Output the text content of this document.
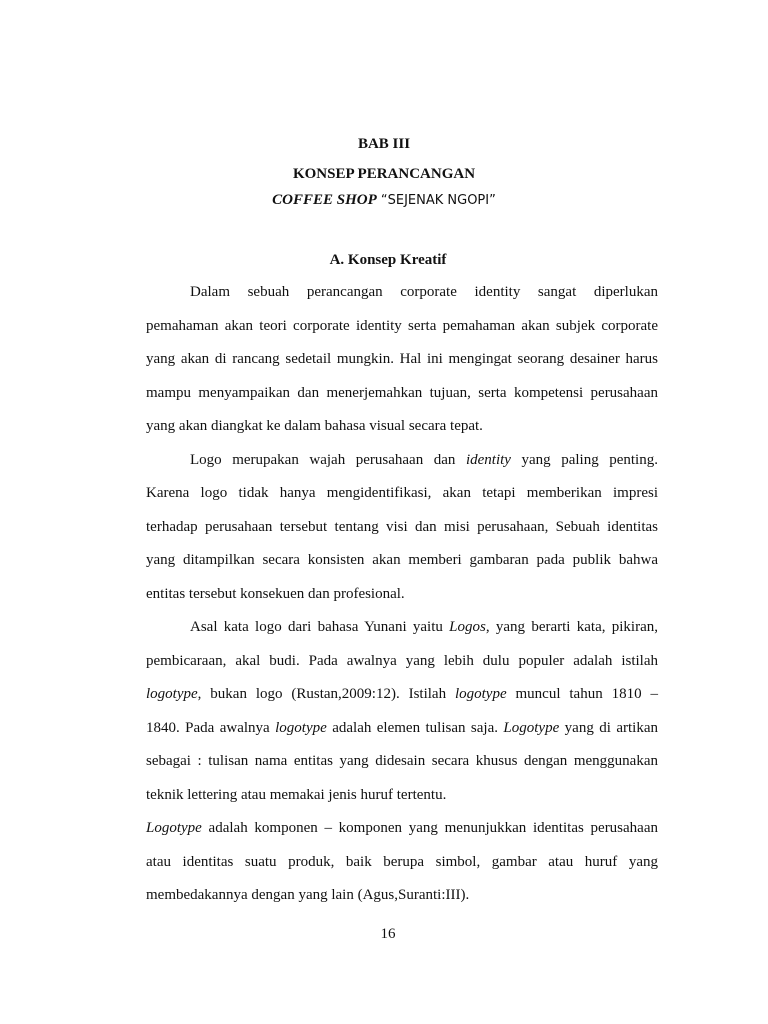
BAB III
KONSEP PERANCANGAN
COFFEE SHOP “SEJENAK NGOPI”
A. Konsep Kreatif
Dalam sebuah perancangan corporate identity sangat diperlukan
pemahaman akan teori corporate identity serta pemahaman akan subjek corporate
yang akan di rancang sedetail mungkin. Hal ini mengingat seorang desainer harus
mampu menyampaikan dan menerjemahkan tujuan, serta kompetensi perusahaan
yang akan diangkat ke dalam bahasa visual secara tepat.
Logo merupakan wajah perusahaan dan identity yang paling penting.
Karena logo tidak hanya mengidentifikasi, akan tetapi memberikan impresi
terhadap perusahaan tersebut tentang visi dan misi perusahaan, Sebuah identitas
yang ditampilkan secara konsisten akan memberi gambaran pada publik bahwa
entitas tersebut konsekuen dan profesional.
Asal kata logo dari bahasa Yunani yaitu Logos, yang berarti kata, pikiran,
pembicaraan, akal budi. Pada awalnya yang lebih dulu populer adalah istilah
logotype, bukan logo (Rustan,2009:12). Istilah logotype muncul tahun 1810 –
1840. Pada awalnya logotype adalah elemen tulisan saja. Logotype yang di artikan
sebagai : tulisan nama entitas yang didesain secara khusus dengan menggunakan
teknik lettering atau memakai jenis huruf tertentu.
Logotype adalah komponen – komponen yang menunjukkan identitas perusahaan
atau identitas suatu produk, baik berupa simbol, gambar atau huruf yang
membedakannya dengan yang lain (Agus,Suranti:III).
16
